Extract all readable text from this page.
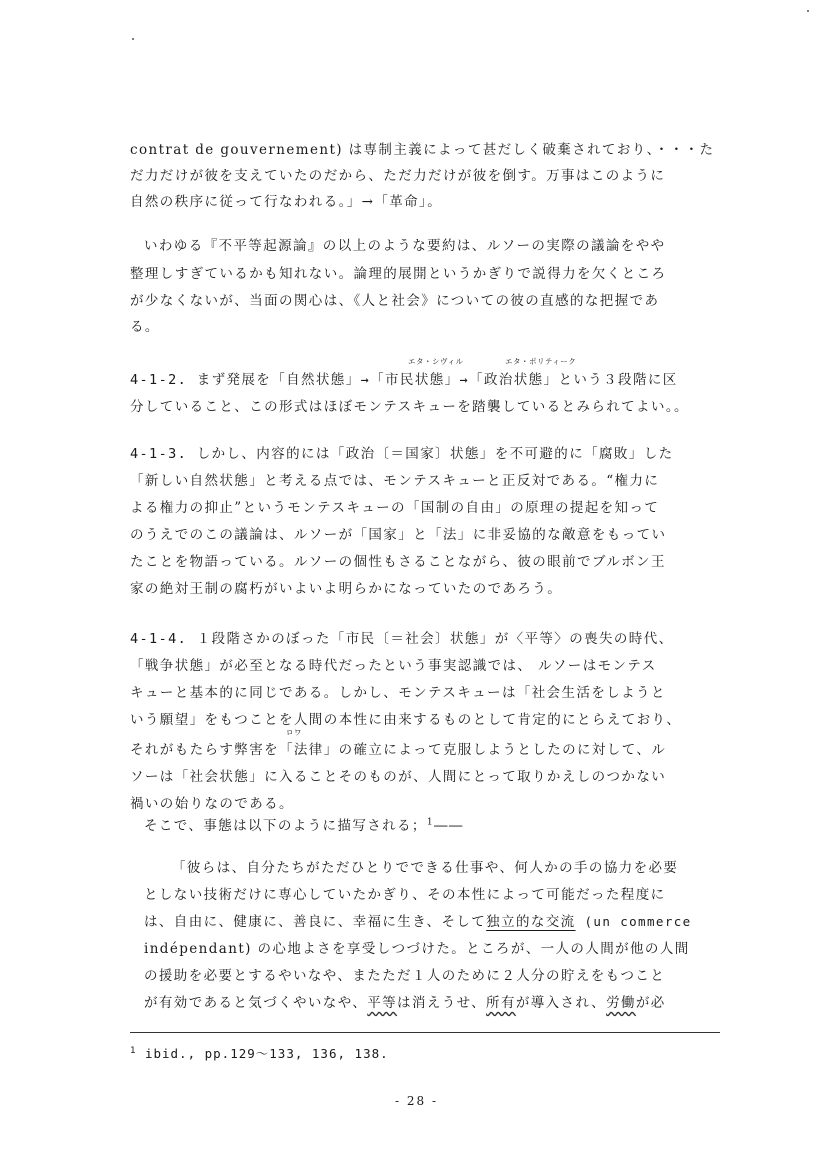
contrat de gouvernement) は専制主義によって甚だしく破棄されており、・・・た
だ力だけが彼を支えていたのだから、ただ力だけが彼を倒す。万事はこのように
自然の秩序に従って行なわれる。」→「革命」。
いわゆる『不平等起源論』の以上のような要約は、ルソーの実際の議論をやや
整理しすぎているかも知れない。論理的展開というかぎりで説得力を欠くところ
が少なくないが、当面の関心は、《人と社会》についての彼の直感的な把握であ
る。
エタ・シヴィル	エタ・ポリティーク
4-1-2. まず発展を「自然状態」→「市民状態」→「政治状態」という３段階に区
分していること、この形式はほぼモンテスキューを踏襲しているとみられてよい。。
4-1-3. しかし、内容的には「政治〔＝国家〕状態」を不可避的に「腐敗」した
「新しい自然状態」と考える点では、モンテスキューと正反対である。“権力に
よる権力の抑止”というモンテスキューの「国制の自由」の原理の提起を知って
のうえでのこの議論は、ルソーが「国家」と「法」に非妥協的な敵意をもってい
たことを物語っている。ルソーの個性もさることながら、彼の眼前でブルボン王
家の絶対王制の腐朽がいよいよ明らかになっていたのであろう。
4-1-4. １段階さかのぼった「市民〔＝社会〕状態」が〈平等〉の喪失の時代、
「戦争状態」が必至となる時代だったという事実認識では、 ルソーはモンテス
キューと基本的に同じである。しかし、モンテスキューは「社会生活をしようと
いう願望」をもつことを人間の本性に由来するものとして肯定的にとらえており、
ロワ
それがもたらす弊害を「法律」の確立によって克服しようとしたのに対して、ル
ソーは「社会状態」に入ることそのものが、人間にとって取りかえしのつかない
禍いの始りなのである。
そこで、事態は以下のように描写される；$^1$――
「彼らは、自分たちがただひとりでできる仕事や、何人かの手の協力を必要
としない技術だけに専心していたかぎり、その本性によって可能だった程度に
は、自由に、健康に、善良に、幸福に生き、そして独立的な交流 (un commerce
indépendant) の心地よさを享受しつづけた。ところが、一人の人間が他の人間
の援助を必要とするやいなや、またただ１人のために２人分の貯えをもつこと
が有効であると気づくやいなや、平等は消えうせ、所有が導入され、労働が必
$^1$ ibid., pp.129～133, 136, 138.
- 28 -
